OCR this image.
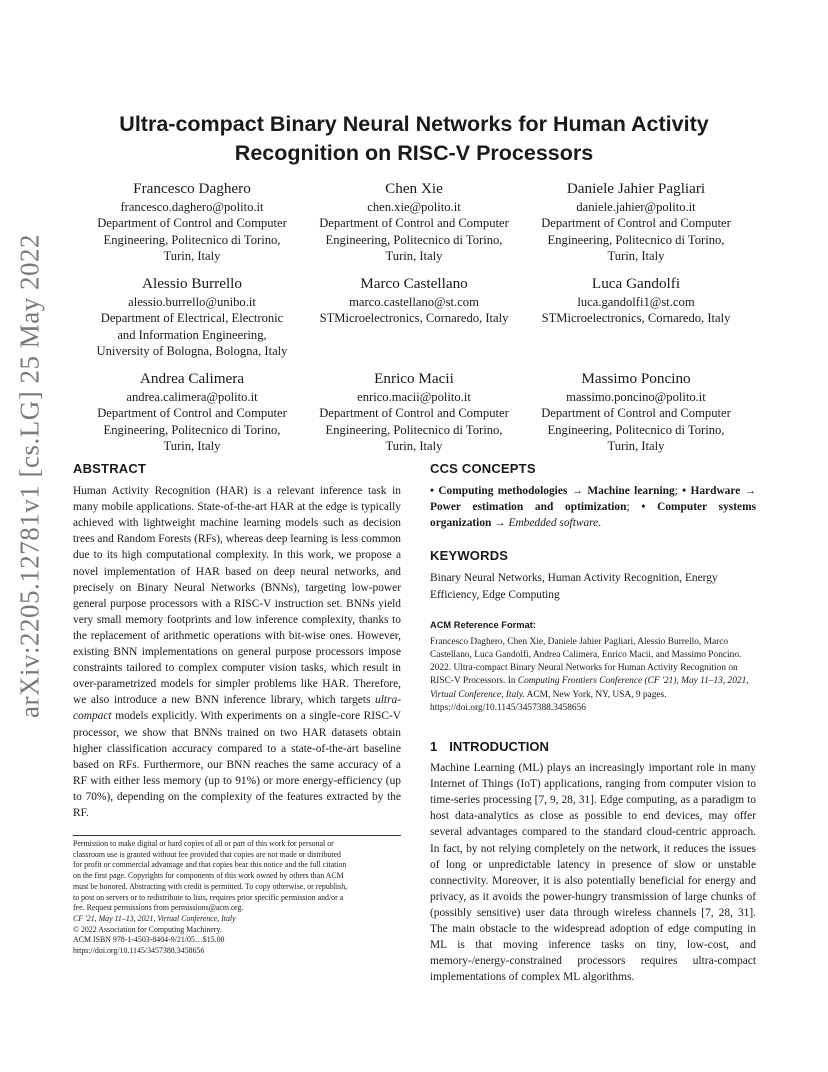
arXiv:2205.12781v1 [cs.LG] 25 May 2022
Ultra-compact Binary Neural Networks for Human Activity
Recognition on RISC-V Processors
Francesco Daghero
francesco.daghero@polito.it
Department of Control and Computer
Engineering, Politecnico di Torino,
Turin, Italy
Chen Xie
chen.xie@polito.it
Department of Control and Computer
Engineering, Politecnico di Torino,
Turin, Italy
Daniele Jahier Pagliari
daniele.jahier@polito.it
Department of Control and Computer
Engineering, Politecnico di Torino,
Turin, Italy
Alessio Burrello
alessio.burrello@unibo.it
Department of Electrical, Electronic
and Information Engineering,
University of Bologna, Bologna, Italy
Marco Castellano
marco.castellano@st.com
STMicroelectronics, Cornaredo, Italy
Luca Gandolfi
luca.gandolfi1@st.com
STMicroelectronics, Cornaredo, Italy
Andrea Calimera
andrea.calimera@polito.it
Department of Control and Computer
Engineering, Politecnico di Torino,
Turin, Italy
Enrico Macii
enrico.macii@polito.it
Department of Control and Computer
Engineering, Politecnico di Torino,
Turin, Italy
Massimo Poncino
massimo.poncino@polito.it
Department of Control and Computer
Engineering, Politecnico di Torino,
Turin, Italy
ABSTRACT

Human Activity Recognition (HAR) is a relevant inference task in many mobile applications. State-of-the-art HAR at the edge is typically achieved with lightweight machine learning models such as decision trees and Random Forests (RFs), whereas deep learning is less common due to its high computational complexity. In this work, we propose a novel implementation of HAR based on deep neural networks, and precisely on Binary Neural Networks (BNNs), targeting low-power general purpose processors with a RISC-V instruction set. BNNs yield very small memory footprints and low inference complexity, thanks to the replacement of arithmetic operations with bit-wise ones. However, existing BNN implementations on general purpose processors impose constraints tailored to complex computer vision tasks, which result in over-parametrized models for simpler problems like HAR. Therefore, we also introduce a new BNN inference library, which targets ultra-compact models explicitly. With experiments on a single-core RISC-V processor, we show that BNNs trained on two HAR datasets obtain higher classification accuracy compared to a state-of-the-art baseline based on RFs. Furthermore, our BNN reaches the same accuracy of a RF with either less memory (up to 91%) or more energy-efficiency (up to 70%), depending on the complexity of the features extracted by the RF.

Permission to make digital or hard copies of all or part of this work for personal or
classroom use is granted without fee provided that copies are not made or distributed
for profit or commercial advantage and that copies bear this notice and the full citation
on the first page. Copyrights for components of this work owned by others than ACM
must be honored. Abstracting with credit is permitted. To copy otherwise, or republish,
to post on servers or to redistribute to lists, requires prior specific permission and/or a
fee. Request permissions from permissions@acm.org.
CF '21, May 11–13, 2021, Virtual Conference, Italy
© 2022 Association for Computing Machinery.
ACM ISBN 978-1-4503-8404-9/21/05…$15.00
https://doi.org/10.1145/3457388.3458656
CCS CONCEPTS

• Computing methodologies → Machine learning; • Hardware → Power estimation and optimization; • Computer systems organization → Embedded software.

KEYWORDS

Binary Neural Networks, Human Activity Recognition, Energy Efficiency, Edge Computing

ACM Reference Format:

Francesco Daghero, Chen Xie, Daniele Jahier Pagliari, Alessio Burrello, Marco Castellano, Luca Gandolfi, Andrea Calimera, Enrico Macii, and Massimo Poncino. 2022. Ultra-compact Binary Neural Networks for Human Activity Recognition on RISC-V Processors. In Computing Frontiers Conference (CF '21), May 11–13, 2021, Virtual Conference, Italy. ACM, New York, NY, USA, 9 pages. https://doi.org/10.1145/3457388.3458656

1 INTRODUCTION

Machine Learning (ML) plays an increasingly important role in many Internet of Things (IoT) applications, ranging from computer vision to time-series processing [7, 9, 28, 31]. Edge computing, as a paradigm to host data-analytics as close as possible to end devices, may offer several advantages compared to the standard cloud-centric approach. In fact, by not relying completely on the network, it reduces the issues of long or unpredictable latency in presence of slow or unstable connectivity. Moreover, it is also potentially beneficial for energy and privacy, as it avoids the power-hungry transmission of large chunks of (possibly sensitive) user data through wireless channels [7, 28, 31]. The main obstacle to the widespread adoption of edge computing in ML is that moving inference tasks on tiny, low-cost, and memory-/energy-constrained processors requires ultra-compact implementations of complex ML algorithms.
